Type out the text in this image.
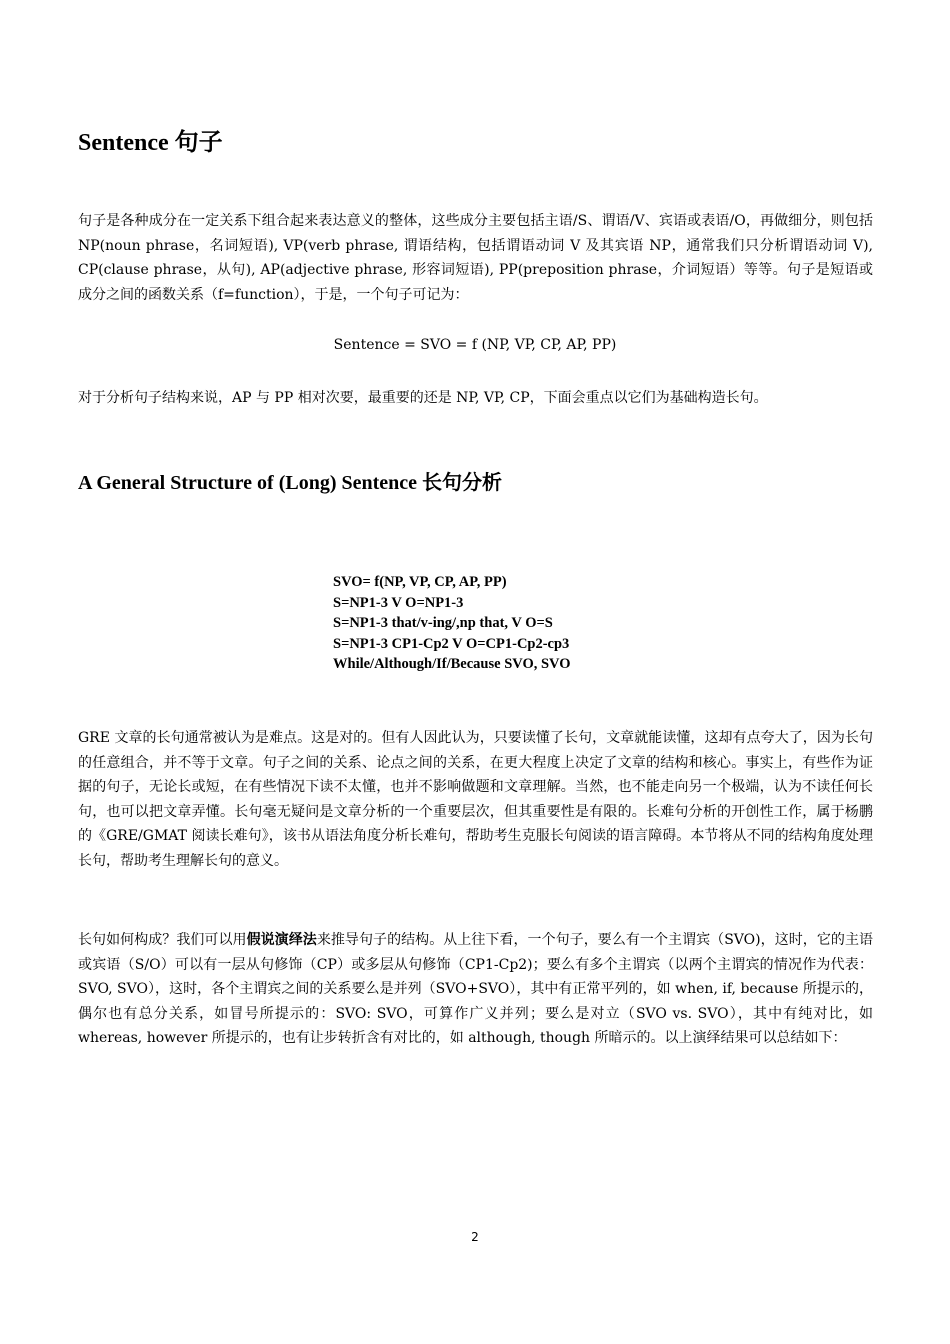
Sentence 句子

句子是各种成分在一定关系下组合起来表达意义的整体，这些成分主要包括主语/S、谓语/V、宾语或表语/O，再做细分，则包括 NP(noun phrase，名词短语), VP(verb phrase, 谓语结构，包括谓语动词 V 及其宾语 NP，通常我们只分析谓语动词 V), CP(clause phrase，从句), AP(adjective phrase, 形容词短语), PP(preposition phrase，介词短语）等等。句子是短语或成分之间的函数关系（f=function），于是，一个句子可记为：

Sentence = SVO = f (NP, VP, CP, AP, PP)

对于分析句子结构来说，AP 与 PP 相对次要，最重要的还是 NP, VP, CP，下面会重点以它们为基础构造长句。

A General Structure of (Long) Sentence 长句分析
SVO= f(NP, VP, CP, AP, PP)
S=NP1-3 V O=NP1-3
S=NP1-3 that/v-ing/,np that, V O=S
S=NP1-3 CP1-Cp2 V O=CP1-Cp2-cp3
While/Although/If/Because SVO, SVO

GRE 文章的长句通常被认为是难点。这是对的。但有人因此认为，只要读懂了长句，文章就能读懂，这却有点夸大了，因为长句的任意组合，并不等于文章。句子之间的关系、论点之间的关系，在更大程度上决定了文章的结构和核心。事实上，有些作为证据的句子，无论长或短，在有些情况下读不太懂，也并不影响做题和文章理解。当然，也不能走向另一个极端，认为不读任何长句，也可以把文章弄懂。长句毫无疑问是文章分析的一个重要层次，但其重要性是有限的。长难句分析的开创性工作，属于杨鹏的《GRE/GMAT 阅读长难句》，该书从语法角度分析长难句，帮助考生克服长句阅读的语言障碍。本节将从不同的结构角度处理长句，帮助考生理解长句的意义。

长句如何构成？我们可以用假说演绎法来推导句子的结构。从上往下看，一个句子，要么有一个主谓宾（SVO)，这时，它的主语或宾语（S/O）可以有一层从句修饰（CP）或多层从句修饰（CP1-Cp2)；要么有多个主谓宾（以两个主谓宾的情况作为代表：SVO, SVO），这时，各个主谓宾之间的关系要么是并列（SVO+SVO），其中有正常平列的，如 when, if, because 所提示的，偶尔也有总分关系，如冒号所提示的：SVO: SVO，可算作广义并列；要么是对立（SVO vs. SVO），其中有纯对比，如 whereas, however 所提示的，也有让步转折含有对比的，如 although, though 所暗示的。以上演绎结果可以总结如下：

2
